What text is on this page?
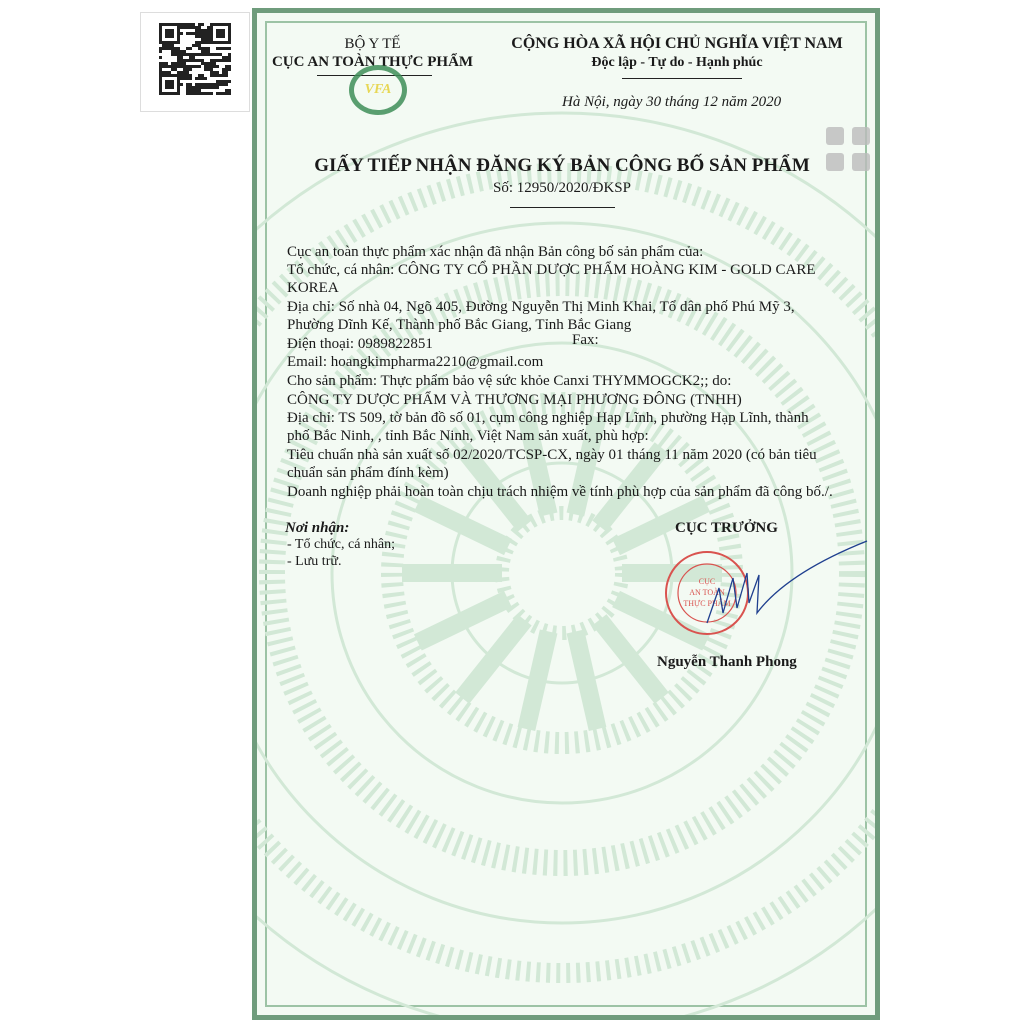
BỘ Y TẾ
CỤC AN TOÀN THỰC PHẨM
VFA
CỘNG HÒA XÃ HỘI CHỦ NGHĨA VIỆT NAM
Độc lập - Tự do - Hạnh phúc
Hà Nội, ngày 30 tháng 12 năm 2020
GIẤY TIẾP NHẬN ĐĂNG KÝ BẢN CÔNG BỐ SẢN PHẨM
Số: 12950/2020/ĐKSP
Cục an toàn thực phẩm xác nhận đã nhận Bản công bố sản phẩm của:
Tổ chức, cá nhân: CÔNG TY CỔ PHẦN DƯỢC PHẨM HOÀNG KIM - GOLD CARE
KOREA
Địa chỉ: Số nhà 04, Ngõ 405, Đường Nguyễn Thị Minh Khai, Tổ dân phố Phú Mỹ 3,
Phường Dĩnh Kế, Thành phố Bắc Giang, Tỉnh Bắc Giang
Điện thoại: 0989822851
Email: hoangkimpharma2210@gmail.com
Cho sản phẩm: Thực phẩm bảo vệ sức khỏe Canxi THYMMOGCK2;; do:
CÔNG TY DƯỢC PHẨM VÀ THƯƠNG MẠI PHƯƠNG ĐÔNG (TNHH)
Địa chỉ: TS 509, tờ bản đồ số 01, cụm công nghiệp Hạp Lĩnh, phường Hạp Lĩnh, thành
phố Bắc Ninh, , tỉnh Bắc Ninh, Việt Nam sản xuất, phù hợp:
Tiêu chuẩn nhà sản xuất số 02/2020/TCSP-CX, ngày 01 tháng 11 năm 2020 (có bản tiêu
chuẩn sản phẩm đính kèm)
Doanh nghiệp phải hoàn toàn chịu trách nhiệm về tính phù hợp của sản phẩm đã công bố./.
Fax:
Nơi nhận:
- Tổ chức, cá nhân;
- Lưu trữ.
CỤC TRƯỞNG
CỤC
AN TOÀN
THỰC PHẨM
Nguyễn Thanh Phong
